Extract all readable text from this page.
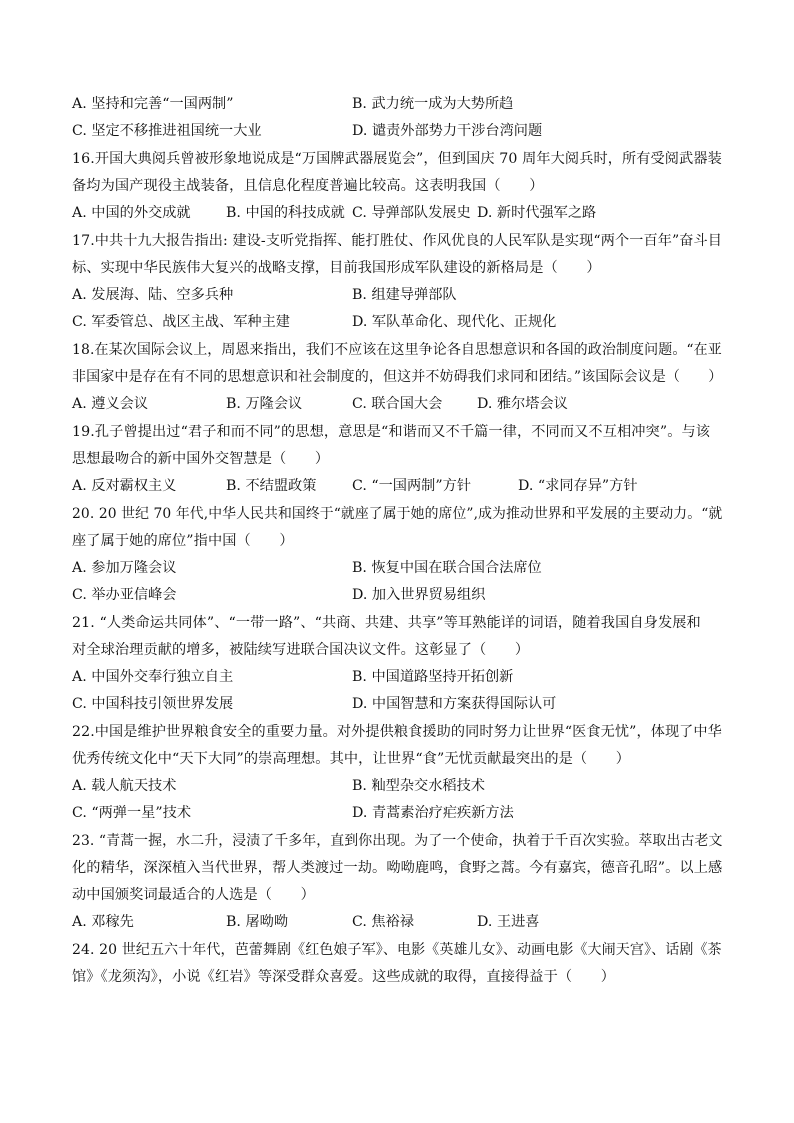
A. 坚持和完善“一国两制”	B. 武力统一成为大势所趋
C. 坚定不移推进祖国统一大业	D. 谴责外部势力干涉台湾问题
16.开国大典阅兵曾被形象地说成是“万国牌武器展览会”，但到国庆 70 周年大阅兵时，所有受阅武器装
备均为国产现役主战装备，且信息化程度普遍比较高。这表明我国（　　）
A. 中国的外交成就 B. 中国的科技成就 C. 导弹部队发展史 D. 新时代强军之路
17.中共十九大报告指出: 建设-支听党指挥、能打胜仗、作风优良的人民军队是实现“两个一百年”奋斗目
标、实现中华民族伟大复兴的战略支撑，目前我国形成军队建设的新格局是（　　）
A. 发展海、陆、空多兵种	B. 组建导弹部队
C. 军委管总、战区主战、军种主建	D. 军队革命化、现代化、正规化
18.在某次国际会议上，周恩来指出，我们不应该在这里争论各自思想意识和各国的政治制度问题。“在亚
非国家中是存在有不同的思想意识和社会制度的，但这并不妨碍我们求同和团结。”该国际会议是（　　）
A. 遵义会议	B. 万隆会议	C. 联合国大会 D. 雅尔塔会议
19.孔子曾提出过“君子和而不同”的思想，意思是“和谐而又不千篇一律，不同而又不互相冲突”。与该
思想最吻合的新中国外交智慧是（　　）
A. 反对霸权主义	B. 不结盟政策	C. “一国两制”方针	D. “求同存异”方针
20. 20 世纪 70 年代,中华人民共和国终于“就座了属于她的席位”,成为推动世界和平发展的主要动力。“就
座了属于她的席位”指中国（　　）
A. 参加万隆会议	B. 恢复中国在联合国合法席位
C. 举办亚信峰会	D. 加入世界贸易组织
21. “人类命运共同体”、“一带一路”、“共商、共建、共享”等耳熟能详的词语，随着我国自身发展和
对全球治理贡献的增多，被陆续写进联合国决议文件。这彰显了（　　）
A. 中国外交奉行独立自主	B. 中国道路坚持开拓创新
C. 中国科技引领世界发展	D. 中国智慧和方案获得国际认可
22.中国是维护世界粮食安全的重要力量。对外提供粮食援助的同时努力让世界“医食无忧”，体现了中华
优秀传统文化中“天下大同”的崇高理想。其中，让世界“食”无忧贡献最突出的是（　　）
A. 载人航天技术	B. 籼型杂交水稻技术
C. “两弹一星”技术	D. 青蒿素治疗疟疾新方法
23. “青蒿一握，水二升，浸渍了千多年，直到你出现。为了一个使命，执着于千百次实验。萃取出古老文
化的精华，深深植入当代世界，帮人类渡过一劫。呦呦鹿鸣，食野之蒿。今有嘉宾，德音孔昭”。以上感
动中国颁奖词最适合的人选是（　　）
A. 邓稼先	B. 屠呦呦	C. 焦裕禄	D. 王进喜
24. 20 世纪五六十年代，芭蕾舞剧《红色娘子军》、电影《英雄儿女》、动画电影《大闹天宫》、话剧《茶
馆》《龙须沟》，小说《红岩》等深受群众喜爱。这些成就的取得，直接得益于（　　）
